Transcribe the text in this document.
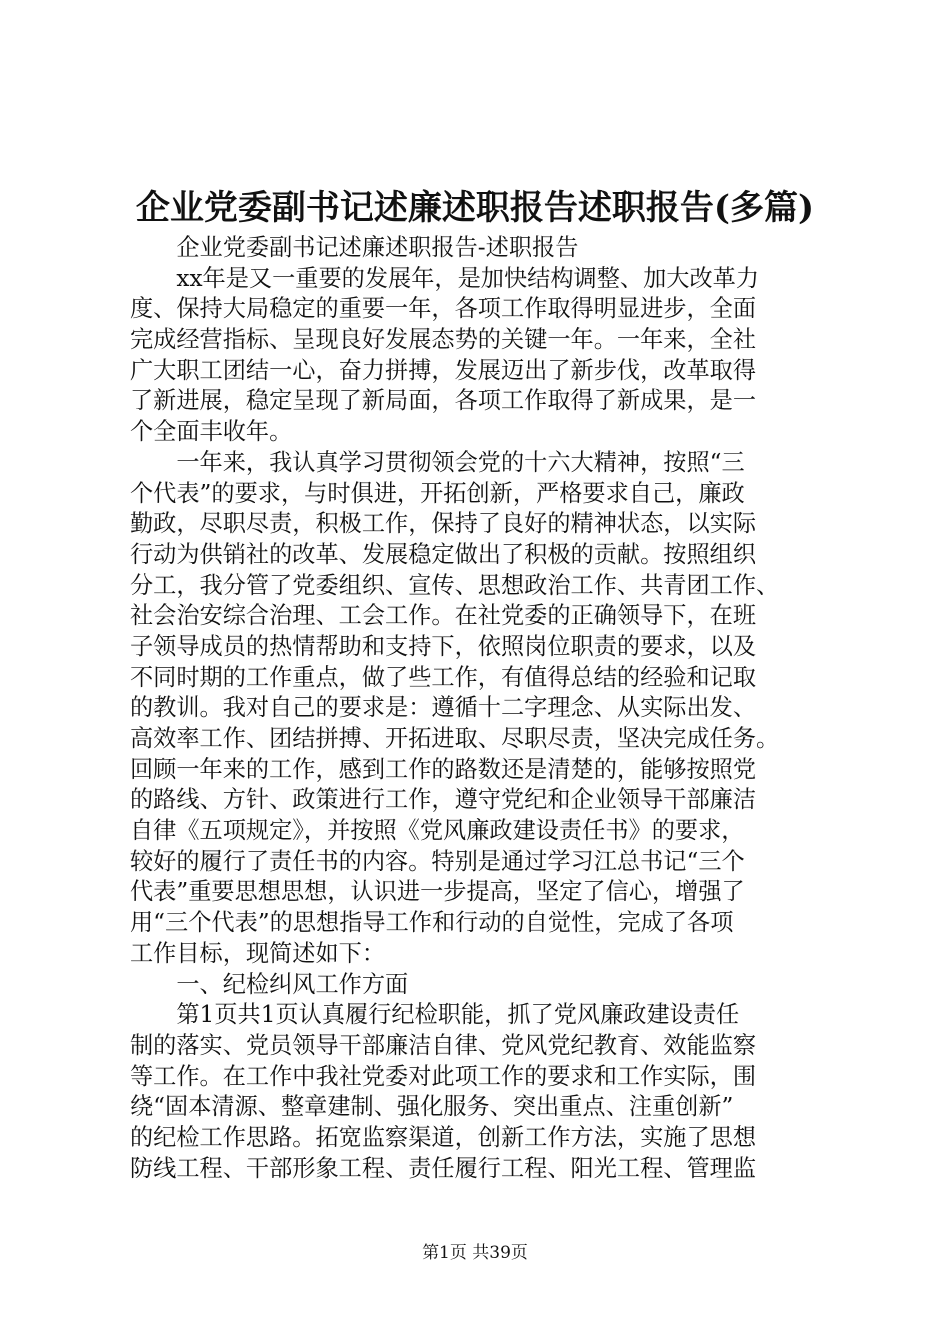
企业党委副书记述廉述职报告述职报告(多篇)
　　企业党委副书记述廉述职报告-述职报告
　　xx年是又一重要的发展年，是加快结构调整、加大改革力
度、保持大局稳定的重要一年，各项工作取得明显进步，全面
完成经营指标、呈现良好发展态势的关键一年。一年来，全社
广大职工团结一心，奋力拼搏，发展迈出了新步伐，改革取得
了新进展，稳定呈现了新局面，各项工作取得了新成果，是一
个全面丰收年。
　　一年来，我认真学习贯彻领会党的十六大精神，按照“三
个代表”的要求，与时俱进，开拓创新，严格要求自己，廉政
勤政，尽职尽责，积极工作，保持了良好的精神状态，以实际
行动为供销社的改革、发展稳定做出了积极的贡献。按照组织
分工，我分管了党委组织、宣传、思想政治工作、共青团工作、
社会治安综合治理、工会工作。在社党委的正确领导下，在班
子领导成员的热情帮助和支持下，依照岗位职责的要求，以及
不同时期的工作重点，做了些工作，有值得总结的经验和记取
的教训。我对自己的要求是：遵循十二字理念、从实际出发、
高效率工作、团结拼搏、开拓进取、尽职尽责，坚决完成任务。
回顾一年来的工作，感到工作的路数还是清楚的，能够按照党
的路线、方针、政策进行工作，遵守党纪和企业领导干部廉洁
自律《五项规定》，并按照《党风廉政建设责任书》的要求，
较好的履行了责任书的内容。特别是通过学习江总书记“三个
代表”重要思想思想，认识进一步提高，坚定了信心，增强了
用“三个代表”的思想指导工作和行动的自觉性，完成了各项
工作目标，现简述如下：
　　一、纪检纠风工作方面
　　第1页共1页认真履行纪检职能，抓了党风廉政建设责任
制的落实、党员领导干部廉洁自律、党风党纪教育、效能监察
等工作。在工作中我社党委对此项工作的要求和工作实际，围
绕“固本清源、整章建制、强化服务、突出重点、注重创新”
的纪检工作思路。拓宽监察渠道，创新工作方法，实施了思想
防线工程、干部形象工程、责任履行工程、阳光工程、管理监
第1页 共39页
